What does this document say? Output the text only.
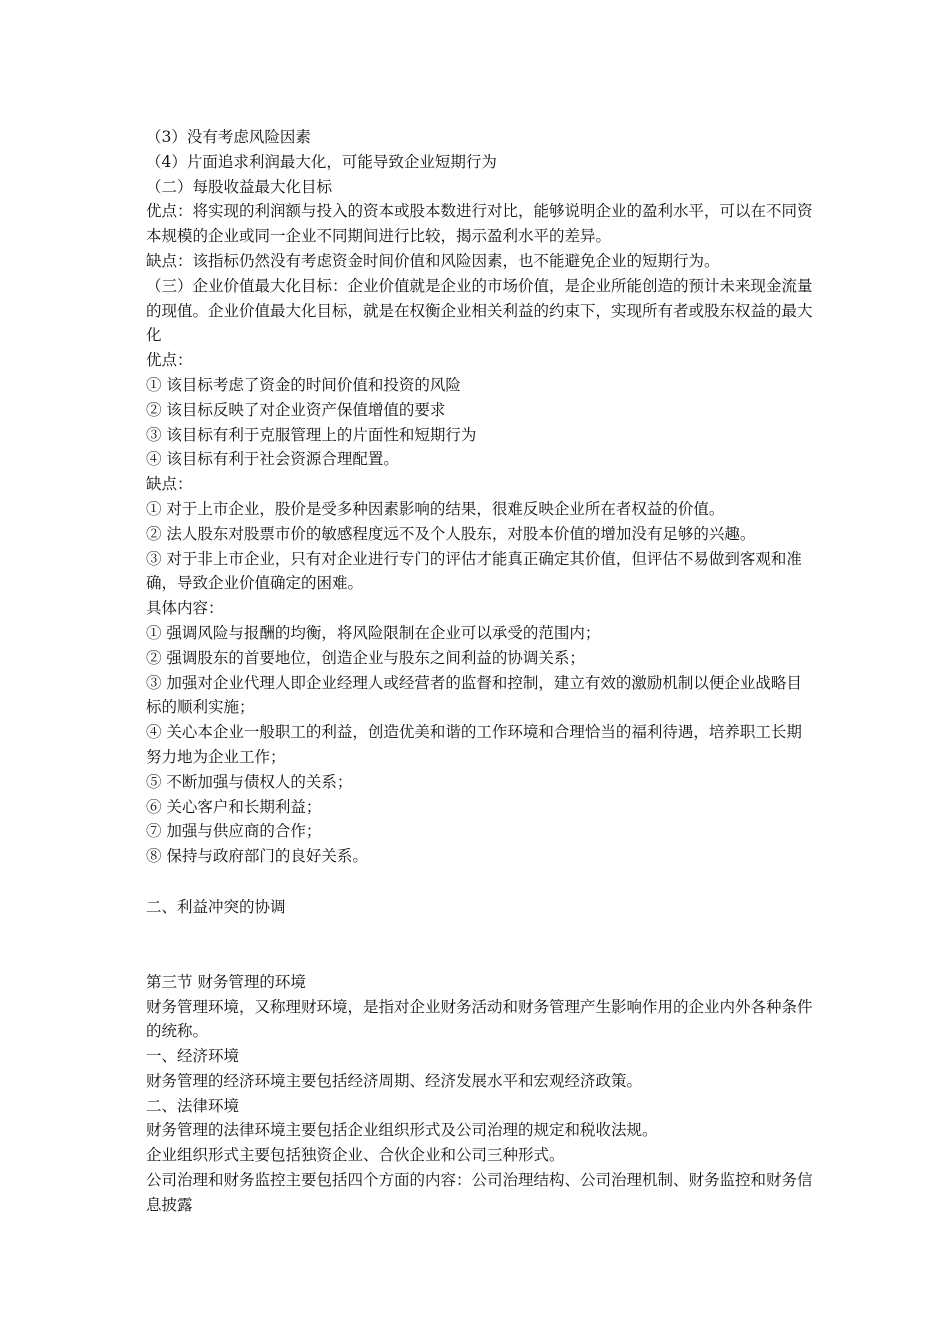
（3）没有考虑风险因素

（4）片面追求利润最大化，可能导致企业短期行为

（二）每股收益最大化目标

优点：将实现的利润额与投入的资本或股本数进行对比，能够说明企业的盈利水平，可以在不同资本规模的企业或同一企业不同期间进行比较，揭示盈利水平的差异。

缺点：该指标仍然没有考虑资金时间价值和风险因素，也不能避免企业的短期行为。

（三）企业价值最大化目标：企业价值就是企业的市场价值，是企业所能创造的预计未来现金流量的现值。企业价值最大化目标，就是在权衡企业相关利益的约束下，实现所有者或股东权益的最大化

优点：

① 该目标考虑了资金的时间价值和投资的风险

② 该目标反映了对企业资产保值增值的要求

③ 该目标有利于克服管理上的片面性和短期行为

④ 该目标有利于社会资源合理配置。

缺点：

① 对于上市企业，股价是受多种因素影响的结果，很难反映企业所在者权益的价值。

② 法人股东对股票市价的敏感程度远不及个人股东，对股本价值的增加没有足够的兴趣。

③ 对于非上市企业，只有对企业进行专门的评估才能真正确定其价值，但评估不易做到客观和准确，导致企业价值确定的困难。

具体内容：

① 强调风险与报酬的均衡，将风险限制在企业可以承受的范围内；

② 强调股东的首要地位，创造企业与股东之间利益的协调关系；

③ 加强对企业代理人即企业经理人或经营者的监督和控制，建立有效的激励机制以便企业战略目标的顺利实施；

④ 关心本企业一般职工的利益，创造优美和谐的工作环境和合理恰当的福利待遇，培养职工长期努力地为企业工作；

⑤ 不断加强与债权人的关系；

⑥ 关心客户和长期利益；

⑦ 加强与供应商的合作；

⑧ 保持与政府部门的良好关系。

二、利益冲突的协调

第三节 财务管理的环境

财务管理环境，又称理财环境，是指对企业财务活动和财务管理产生影响作用的企业内外各种条件的统称。

一、经济环境

财务管理的经济环境主要包括经济周期、经济发展水平和宏观经济政策。

二、法律环境

财务管理的法律环境主要包括企业组织形式及公司治理的规定和税收法规。

企业组织形式主要包括独资企业、合伙企业和公司三种形式。

公司治理和财务监控主要包括四个方面的内容：公司治理结构、公司治理机制、财务监控和财务信息披露
